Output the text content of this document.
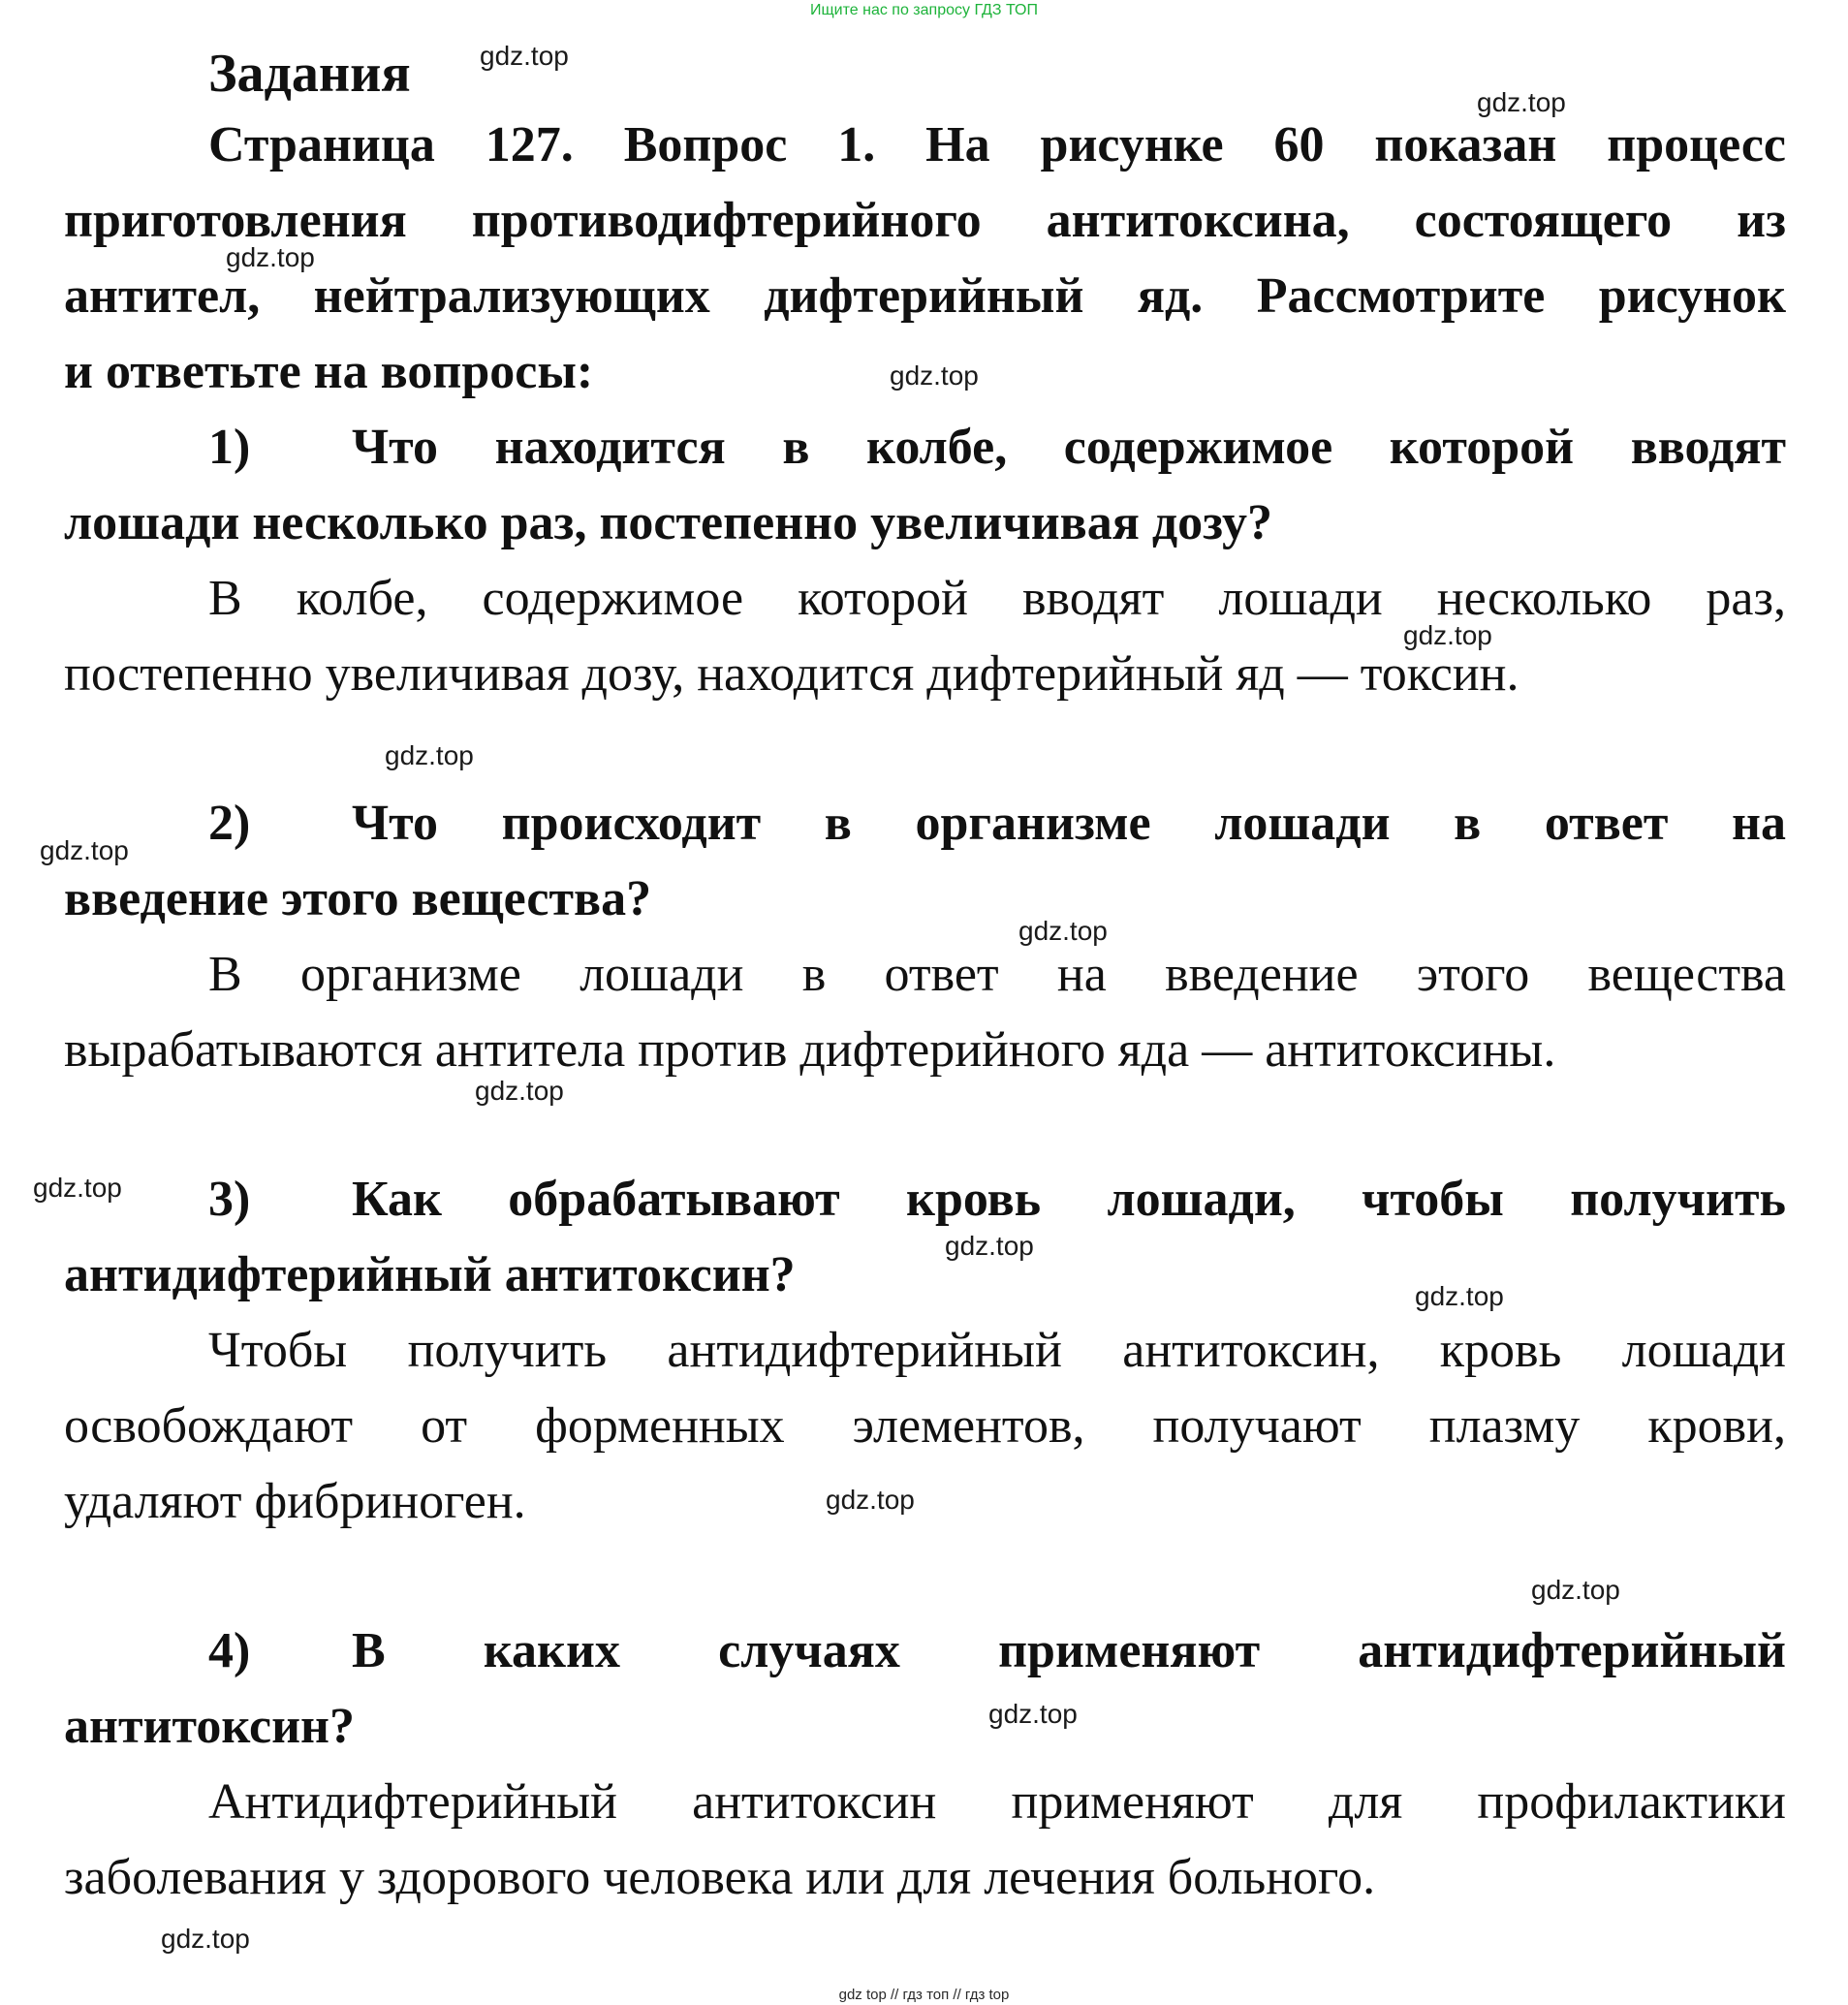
Ищите нас по запросу ГДЗ ТОП
Задания
Страница 127. Вопрос 1. На рисунке 60 показан процесс
приготовления противодифтерийного антитоксина, состоящего из
антител, нейтрализующих дифтерийный яд. Рассмотрите рисунок
и ответьте на вопросы:
1) Что находится в колбе, содержимое которой вводят
лошади несколько раз, постепенно увеличивая дозу?
В колбе, содержимое которой вводят лошади несколько раз,
постепенно увеличивая дозу, находится дифтерийный яд — токсин.
2) Что происходит в организме лошади в ответ на
введение этого вещества?
В организме лошади в ответ на введение этого вещества
вырабатываются антитела против дифтерийного яда — антитоксины.
3) Как обрабатывают кровь лошади, чтобы получить
антидифтерийный антитоксин?
Чтобы получить антидифтерийный антитоксин, кровь лошади
освобождают от форменных элементов, получают плазму крови,
удаляют фибриноген.
4) В каких случаях применяют антидифтерийный
антитоксин?
Антидифтерийный антитоксин применяют для профилактики
заболевания у здорового человека или для лечения больного.
gdz.top
gdz.top
gdz.top
gdz.top
gdz.top
gdz.top
gdz.top
gdz.top
gdz.top
gdz.top
gdz.top
gdz.top
gdz.top
gdz.top
gdz.top
gdz.top
gdz top // гдз топ // гдз top
